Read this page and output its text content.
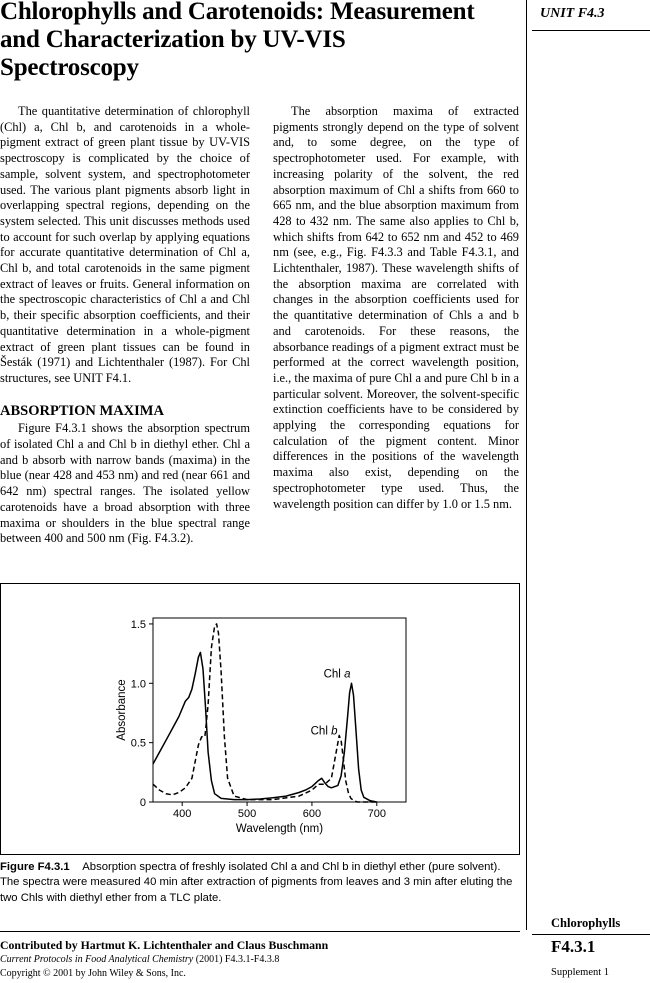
Chlorophylls and Carotenoids: Measurement
and Characterization by UV-VIS
Spectroscopy
UNIT F4.3

The quantitative determination of chlorophyll (Chl) a, Chl b, and carotenoids in a whole-pigment extract of green plant tissue by UV-VIS spectroscopy is complicated by the choice of sample, solvent system, and spectrophotometer used. The various plant pigments absorb light in overlapping spectral regions, depending on the system selected. This unit discusses methods used to account for such overlap by applying equations for accurate quantitative determination of Chl a, Chl b, and total carotenoids in the same pigment extract of leaves or fruits. General information on the spectroscopic characteristics of Chl a and Chl b, their specific absorption coefficients, and their quantitative determination in a whole-pigment extract of green plant tissues can be found in Šesták (1971) and Lichtenthaler (1987). For Chl structures, see UNIT F4.1.

ABSORPTION MAXIMA

Figure F4.3.1 shows the absorption spectrum of isolated Chl a and Chl b in diethyl ether. Chl a and b absorb with narrow bands (maxima) in the blue (near 428 and 453 nm) and red (near 661 and 642 nm) spectral ranges. The isolated yellow carotenoids have a broad absorption with three maxima or shoulders in the blue spectral range between 400 and 500 nm (Fig. F4.3.2).

The absorption maxima of extracted pigments strongly depend on the type of solvent and, to some degree, on the type of spectrophotometer used. For example, with increasing polarity of the solvent, the red absorption maximum of Chl a shifts from 660 to 665 nm, and the blue absorption maximum from 428 to 432 nm. The same also applies to Chl b, which shifts from 642 to 652 nm and 452 to 469 nm (see, e.g., Fig. F4.3.3 and Table F4.3.1, and Lichtenthaler, 1987). These wavelength shifts of the absorption maxima are correlated with changes in the absorption coefficients used for the quantitative determination of Chls a and b and carotenoids. For these reasons, the absorbance readings of a pigment extract must be performed at the correct wavelength position, i.e., the maxima of pure Chl a and pure Chl b in a particular solvent. Moreover, the solvent-specific extinction coefficients have to be considered by applying the corresponding equations for calculation of the pigment content. Minor differences in the positions of the wavelength maxima also exist, depending on the spectrophotometer type used. Thus, the wavelength position can differ by 1.0 or 1.5 nm.

400	500	600	700
0
0.5
1.0
1.5
Wavelength (nm)
Absorbance
Chl a
Chl b
Figure F4.3.1 Absorption spectra of freshly isolated Chl a and Chl b in diethyl ether (pure solvent). The spectra were measured 40 min after extraction of pigments from leaves and 3 min after eluting the two Chls with diethyl ether from a TLC plate.
Contributed by Hartmut K. Lichtenthaler and Claus Buschmann
Current Protocols in Food Analytical Chemistry (2001) F4.3.1-F4.3.8
Copyright © 2001 by John Wiley & Sons, Inc.
Chlorophylls
F4.3.1
Supplement 1
